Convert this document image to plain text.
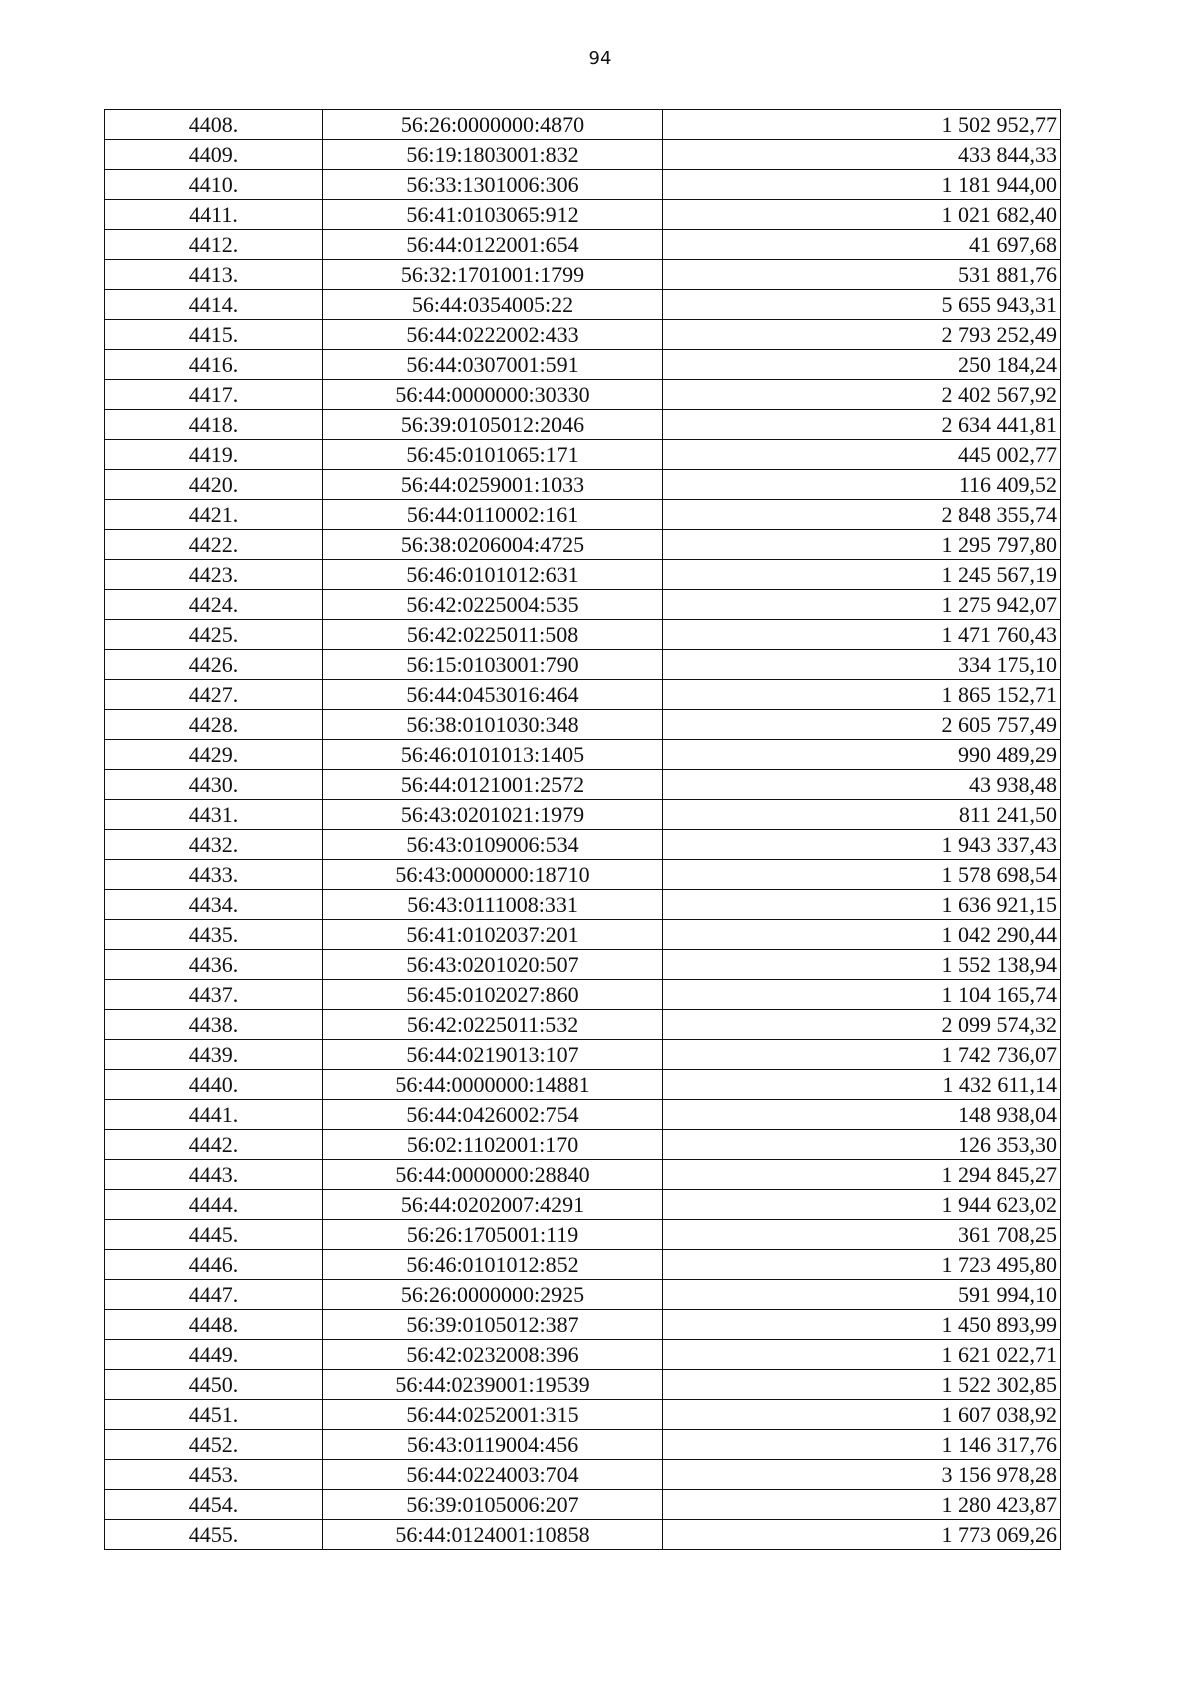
94
4408.	56:26:0000000:4870	1 502 952,77
4409.	56:19:1803001:832	433 844,33
4410.	56:33:1301006:306	1 181 944,00
4411.	56:41:0103065:912	1 021 682,40
4412.	56:44:0122001:654	41 697,68
4413.	56:32:1701001:1799	531 881,76
4414.	56:44:0354005:22	5 655 943,31
4415.	56:44:0222002:433	2 793 252,49
4416.	56:44:0307001:591	250 184,24
4417.	56:44:0000000:30330	2 402 567,92
4418.	56:39:0105012:2046	2 634 441,81
4419.	56:45:0101065:171	445 002,77
4420.	56:44:0259001:1033	116 409,52
4421.	56:44:0110002:161	2 848 355,74
4422.	56:38:0206004:4725	1 295 797,80
4423.	56:46:0101012:631	1 245 567,19
4424.	56:42:0225004:535	1 275 942,07
4425.	56:42:0225011:508	1 471 760,43
4426.	56:15:0103001:790	334 175,10
4427.	56:44:0453016:464	1 865 152,71
4428.	56:38:0101030:348	2 605 757,49
4429.	56:46:0101013:1405	990 489,29
4430.	56:44:0121001:2572	43 938,48
4431.	56:43:0201021:1979	811 241,50
4432.	56:43:0109006:534	1 943 337,43
4433.	56:43:0000000:18710	1 578 698,54
4434.	56:43:0111008:331	1 636 921,15
4435.	56:41:0102037:201	1 042 290,44
4436.	56:43:0201020:507	1 552 138,94
4437.	56:45:0102027:860	1 104 165,74
4438.	56:42:0225011:532	2 099 574,32
4439.	56:44:0219013:107	1 742 736,07
4440.	56:44:0000000:14881	1 432 611,14
4441.	56:44:0426002:754	148 938,04
4442.	56:02:1102001:170	126 353,30
4443.	56:44:0000000:28840	1 294 845,27
4444.	56:44:0202007:4291	1 944 623,02
4445.	56:26:1705001:119	361 708,25
4446.	56:46:0101012:852	1 723 495,80
4447.	56:26:0000000:2925	591 994,10
4448.	56:39:0105012:387	1 450 893,99
4449.	56:42:0232008:396	1 621 022,71
4450.	56:44:0239001:19539	1 522 302,85
4451.	56:44:0252001:315	1 607 038,92
4452.	56:43:0119004:456	1 146 317,76
4453.	56:44:0224003:704	3 156 978,28
4454.	56:39:0105006:207	1 280 423,87
4455.	56:44:0124001:10858	1 773 069,26
